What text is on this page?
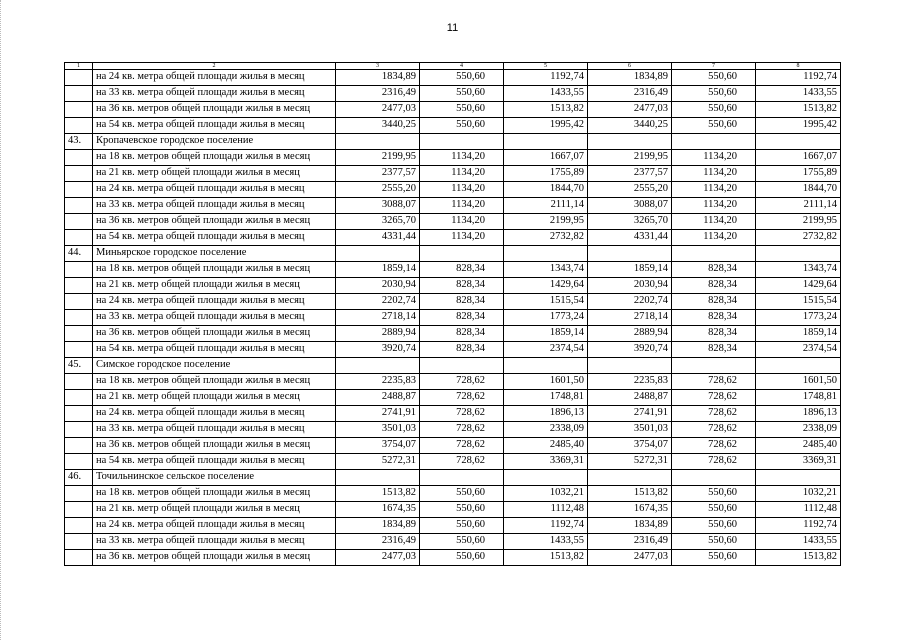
11
1	2	3	4	5	6	7	8
	на 24 кв. метра общей площади жилья в месяц	1834,89	550,60	1192,74	1834,89	550,60	1192,74
	на 33 кв. метра общей площади жилья в месяц	2316,49	550,60	1433,55	2316,49	550,60	1433,55
	на 36 кв. метров общей площади жилья в месяц	2477,03	550,60	1513,82	2477,03	550,60	1513,82
	на 54 кв. метра общей площади жилья в месяц	3440,25	550,60	1995,42	3440,25	550,60	1995,42
43.	Кропачевское городское поселение						
	на 18 кв. метров общей площади жилья в месяц	2199,95	1134,20	1667,07	2199,95	1134,20	1667,07
	на 21 кв. метр общей площади жилья в месяц	2377,57	1134,20	1755,89	2377,57	1134,20	1755,89
	на 24 кв. метра общей площади жилья в месяц	2555,20	1134,20	1844,70	2555,20	1134,20	1844,70
	на 33 кв. метра общей площади жилья в месяц	3088,07	1134,20	2111,14	3088,07	1134,20	2111,14
	на 36 кв. метров общей площади жилья в месяц	3265,70	1134,20	2199,95	3265,70	1134,20	2199,95
	на 54 кв. метра общей площади жилья в месяц	4331,44	1134,20	2732,82	4331,44	1134,20	2732,82
44.	Миньярское городское поселение						
	на 18 кв. метров общей площади жилья в месяц	1859,14	828,34	1343,74	1859,14	828,34	1343,74
	на 21 кв. метр общей площади жилья в месяц	2030,94	828,34	1429,64	2030,94	828,34	1429,64
	на 24 кв. метра общей площади жилья в месяц	2202,74	828,34	1515,54	2202,74	828,34	1515,54
	на 33 кв. метра общей площади жилья в месяц	2718,14	828,34	1773,24	2718,14	828,34	1773,24
	на 36 кв. метров общей площади жилья в месяц	2889,94	828,34	1859,14	2889,94	828,34	1859,14
	на 54 кв. метра общей площади жилья в месяц	3920,74	828,34	2374,54	3920,74	828,34	2374,54
45.	Симское городское поселение						
	на 18 кв. метров общей площади жилья в месяц	2235,83	728,62	1601,50	2235,83	728,62	1601,50
	на 21 кв. метр общей площади жилья в месяц	2488,87	728,62	1748,81	2488,87	728,62	1748,81
	на 24 кв. метра общей площади жилья в месяц	2741,91	728,62	1896,13	2741,91	728,62	1896,13
	на 33 кв. метра общей площади жилья в месяц	3501,03	728,62	2338,09	3501,03	728,62	2338,09
	на 36 кв. метров общей площади жилья в месяц	3754,07	728,62	2485,40	3754,07	728,62	2485,40
	на 54 кв. метра общей площади жилья в месяц	5272,31	728,62	3369,31	5272,31	728,62	3369,31
46.	Точильнинское сельское поселение						
	на 18 кв. метров общей площади жилья в месяц	1513,82	550,60	1032,21	1513,82	550,60	1032,21
	на 21 кв. метр общей площади жилья в месяц	1674,35	550,60	1112,48	1674,35	550,60	1112,48
	на 24 кв. метра общей площади жилья в месяц	1834,89	550,60	1192,74	1834,89	550,60	1192,74
	на 33 кв. метра общей площади жилья в месяц	2316,49	550,60	1433,55	2316,49	550,60	1433,55
	на 36 кв. метров общей площади жилья в месяц	2477,03	550,60	1513,82	2477,03	550,60	1513,82
